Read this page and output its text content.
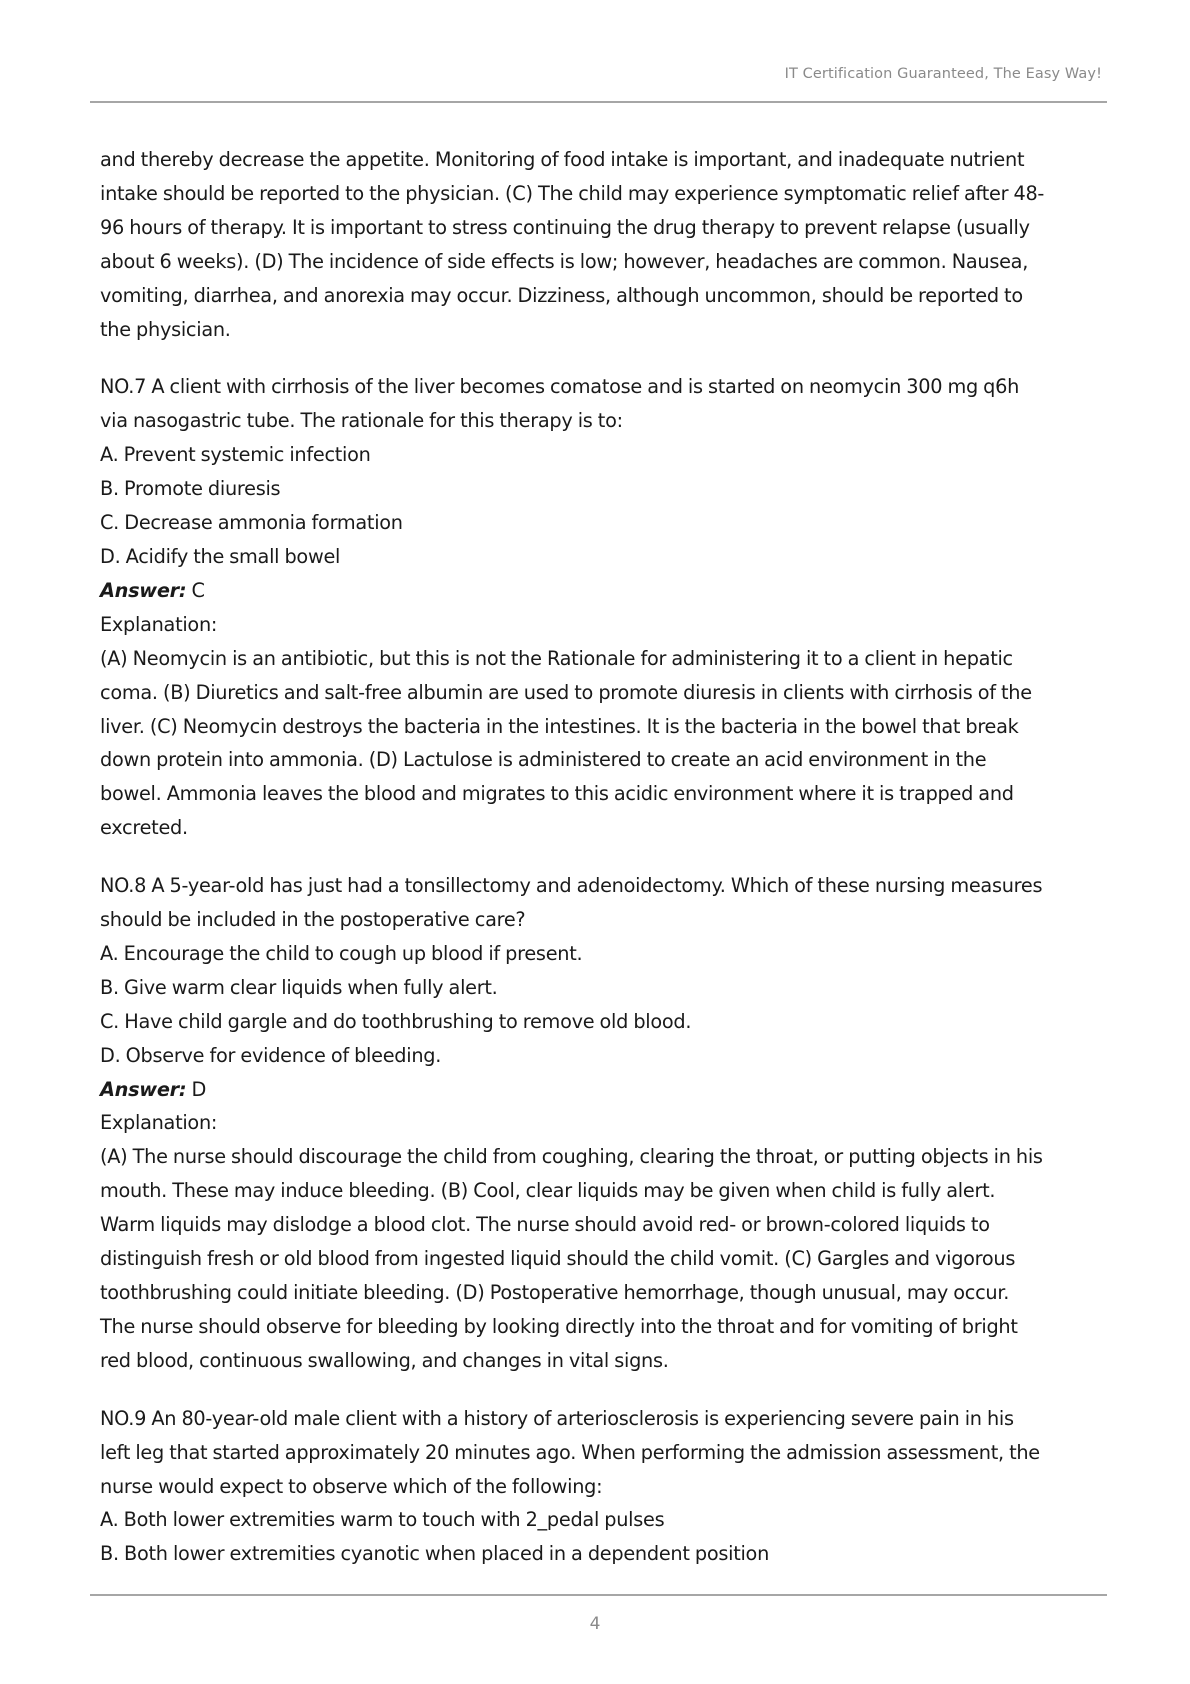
IT Certification Guaranteed, The Easy Way!
and thereby decrease the appetite. Monitoring of food intake is important, and inadequate nutrient
intake should be reported to the physician. (C) The child may experience symptomatic relief after 48-
96 hours of therapy. It is important to stress continuing the drug therapy to prevent relapse (usually
about 6 weeks). (D) The incidence of side effects is low; however, headaches are common. Nausea,
vomiting, diarrhea, and anorexia may occur. Dizziness, although uncommon, should be reported to
the physician.
NO.7 A client with cirrhosis of the liver becomes comatose and is started on neomycin 300 mg q6h
via nasogastric tube. The rationale for this therapy is to:
A. Prevent systemic infection
B. Promote diuresis
C. Decrease ammonia formation
D. Acidify the small bowel
Answer: C
Explanation:
(A) Neomycin is an antibiotic, but this is not the Rationale for administering it to a client in hepatic
coma. (B) Diuretics and salt-free albumin are used to promote diuresis in clients with cirrhosis of the
liver. (C) Neomycin destroys the bacteria in the intestines. It is the bacteria in the bowel that break
down protein into ammonia. (D) Lactulose is administered to create an acid environment in the
bowel. Ammonia leaves the blood and migrates to this acidic environment where it is trapped and
excreted.
NO.8 A 5-year-old has just had a tonsillectomy and adenoidectomy. Which of these nursing measures
should be included in the postoperative care?
A. Encourage the child to cough up blood if present.
B. Give warm clear liquids when fully alert.
C. Have child gargle and do toothbrushing to remove old blood.
D. Observe for evidence of bleeding.
Answer: D
Explanation:
(A) The nurse should discourage the child from coughing, clearing the throat, or putting objects in his
mouth. These may induce bleeding. (B) Cool, clear liquids may be given when child is fully alert.
Warm liquids may dislodge a blood clot. The nurse should avoid red- or brown-colored liquids to
distinguish fresh or old blood from ingested liquid should the child vomit. (C) Gargles and vigorous
toothbrushing could initiate bleeding. (D) Postoperative hemorrhage, though unusual, may occur.
The nurse should observe for bleeding by looking directly into the throat and for vomiting of bright
red blood, continuous swallowing, and changes in vital signs.
NO.9 An 80-year-old male client with a history of arteriosclerosis is experiencing severe pain in his
left leg that started approximately 20 minutes ago. When performing the admission assessment, the
nurse would expect to observe which of the following:
A. Both lower extremities warm to touch with 2_pedal pulses
B. Both lower extremities cyanotic when placed in a dependent position
4
